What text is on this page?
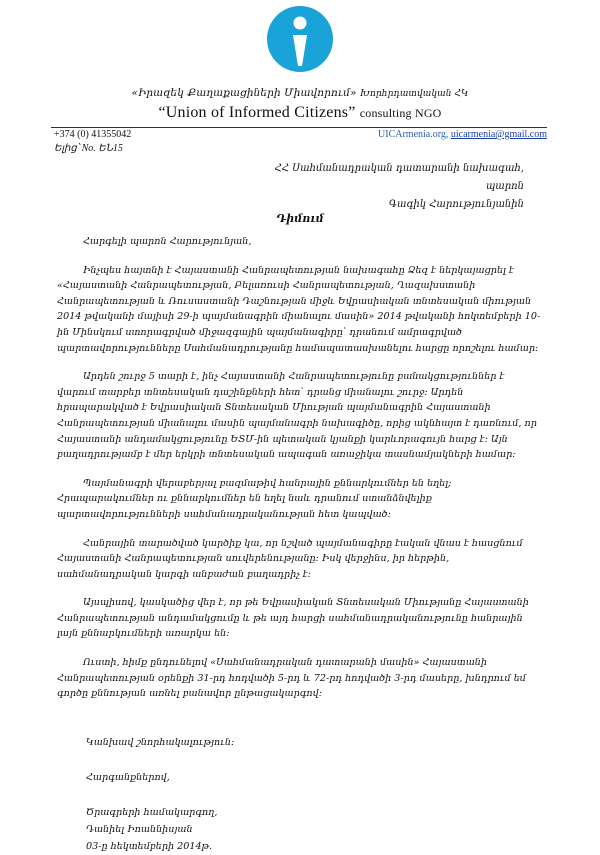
«Իրազեկ Քաղաքացիների Միավորում» Խորհրդատվական ՀԿ
“Union of Informed Citizens” consulting NGO
+374 (0) 41355042	UICArmenia.org, uicarmenia@gmail.com
Ելից՝ No. ԵՆ15
ՀՀ Սահմանադրական դատարանի նախագահ,
պարոն
Գագիկ Հարությունյանին
Դիմում

Հարգելի պարոն Հարությունյան,

Ինչպես հայտնի է Հայաստանի Հանրապետության նախագահը Ձեզ է ներկայացրել է «Հայաստանի Հանրապետության, Բելառուսի Հանրապետության, Ղազախստանի Հանրապետության և Ռուսաստանի Դաշնության միջև Եվրասիական տնտեսական միության 2014 թվականի մայիսի 29-ի պայմանագրին միանալու մասին» 2014 թվականի հոկտեմբերի 10-ին Մինսկում ստորագրված միջազգային պայմանագիրը՝ դրանում ամրագրված պարտավորությունները Սահմանադրությանը համապատասխանելու հարցը որոշելու համար:

Արդեն շուրջ 5 տարի է, ինչ Հայաստանի Հանրապետությունը բանակցություններ է վարում տարբեր տնտեսական դաշինքների հետ՝ դրանց միանալու շուրջ: Արդեն հրապարակված է Եվրասիական Տնտեսական Միության պայմանագրին Հայաստանի Հանրապետության միանալու մասին պայմանագրի նախագիծը, որից ակնհայտ է դառնում, որ Հայաստանի անդամակցությունը ԵՏՄ-ին պետական կյանքի կարևորագույն հարց է: Այն բաղադրությամբ է մեր երկրի տնտեսական ապագան առաջիկա տասնամյակների համար:

Պայմանագրի վերաբերյալ բազմաթիվ հանրային քննարկումներ են եղել; Հրապարակումներ ու քննարկումներ են եղել նաև դրանում ստանձնվելիք պարտավորությունների սահմանադրականության հետ կապված:

Հանրային տարածված կարծիք կա, որ նշված պայմանագիրը էական վնաս է հասցնում Հայաստանի Հանրապետության սուվերենությանը: Իսկ վերջինս, իր հերթին, սահմանադրական կարգի անբաժան բաղադրիչ է:

Այսպիսով, կասկածից վեր է, որ թե Եվրասիական Տնտեսական Միությանը Հայաստանի Հանրապետության անդամակցումը և թե այդ հարցի սահմանադրականությունը հանրային լայն քննարկումների առարկա են:

Ուստի, հիմք ընդունելով «Սահմանադրական դատարանի մասին» Հայաստանի Հանրապետության օրենքի 31-րդ հոդվածի 5-րդ և 72-րդ հոդվածի 3-րդ մասերը, խնդրում եմ գործը քննության առնել բանավոր ընթացակարգով:

Կանխավ շնորհակալություն:
Հարգանքներով,
Ծրագրերի համակարգող,
Դանիել Իոաննիսյան
03-ը հեկտեմբերի 2014թ.
